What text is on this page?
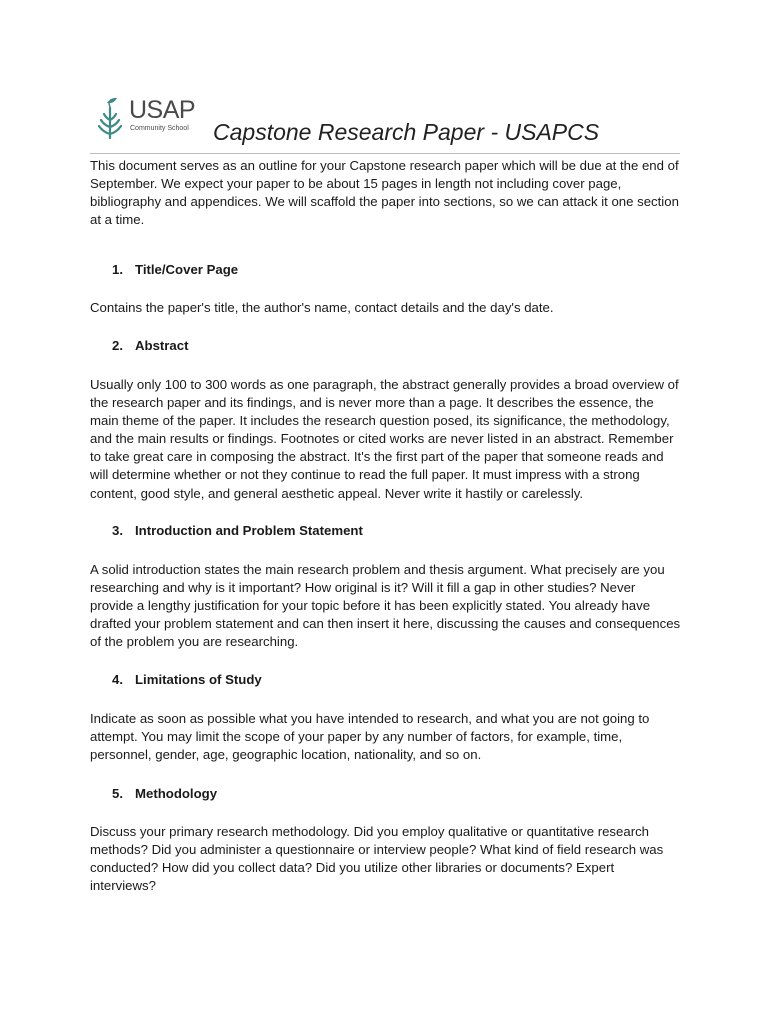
USAP
Community School Capstone Research Paper - USAPCS
This document serves as an outline for your Capstone research paper which will be due at the end of September. We expect your paper to be about 15 pages in length not including cover page, bibliography and appendices. We will scaffold the paper into sections, so we can attack it one section at a time.
1. Title/Cover Page
Contains the paper's title, the author's name, contact details and the day's date.
2. Abstract
Usually only 100 to 300 words as one paragraph, the abstract generally provides a broad overview of the research paper and its findings, and is never more than a page. It describes the essence, the main theme of the paper. It includes the research question posed, its significance, the methodology, and the main results or findings. Footnotes or cited works are never listed in an abstract. Remember to take great care in composing the abstract. It's the first part of the paper that someone reads and will determine whether or not they continue to read the full paper. It must impress with a strong content, good style, and general aesthetic appeal. Never write it hastily or carelessly.
3. Introduction and Problem Statement
A solid introduction states the main research problem and thesis argument. What precisely are you researching and why is it important? How original is it? Will it fill a gap in other studies? Never provide a lengthy justification for your topic before it has been explicitly stated. You already have drafted your problem statement and can then insert it here, discussing the causes and consequences of the problem you are researching.
4. Limitations of Study
Indicate as soon as possible what you have intended to research, and what you are not going to attempt. You may limit the scope of your paper by any number of factors, for example, time, personnel, gender, age, geographic location, nationality, and so on.
5. Methodology
Discuss your primary research methodology. Did you employ qualitative or quantitative research methods? Did you administer a questionnaire or interview people? What kind of field research was conducted? How did you collect data? Did you utilize other libraries or documents? Expert interviews?
